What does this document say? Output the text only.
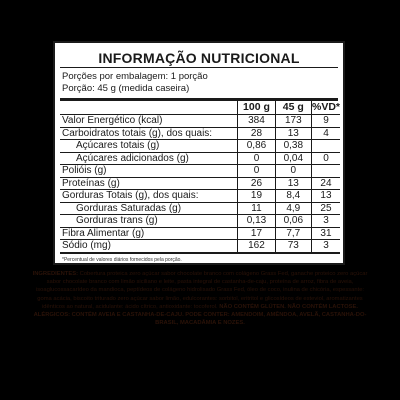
INFORMAÇÃO NUTRICIONAL
Porções por embalagem: 1 porção
Porção: 45 g (medida caseira)
	100 g	45 g	%VD*
Valor Energético (kcal)	384	173	9
Carboidratos totais (g), dos quais:	28	13	4
Açúcares totais (g)	0,86	0,38	
Açúcares adicionados (g)	0	0,04	0
Polióis (g)	0	0	
Proteínas (g)	26	13	24
Gorduras Totais (g), dos quais:	19	8,4	13
Gorduras Saturadas (g)	11	4,9	25
Gorduras trans (g)	0,13	0,06	3
Fibra Alimentar (g)	17	7,7	31
Sódio (mg)	162	73	3
*Percentual de valores diários fornecidos pela porção.
INGREDIENTES: Cobertura proteica zero açúcar sabor chocolate branco com colágeno Grass Fed, ganache proteico zero açúcar sabor chocolate branco com limão siciliano e leite, pasta integral de castanha-de-caju, proteína de arroz, fibra de aveia, isoaglucossacarídeo da mandioca, peptídeos de colágeno hidrolisado Grass Fed, óleo de coco, inulina de chicória, espessante: goma acácia, biscoito triturado zero açúcar sabor limão, edulcorantes: sorbitol, eritritol e glicosídeos de esteviol, aromatizantes idênticos ao natural, acidulante: ácido cítrico, antioxidante: tocoferol. NÃO CONTÉM GLÚTEN. NÃO CONTÉM LACTOSE. ALÉRGICOS: CONTÉM AVEIA E CASTANHA-DE-CAJU. PODE CONTER: AMENDOIM, AMÊNDOA, AVELÃ, CASTANHA-DO-BRASIL, MACADÂMIA E NOZES.
